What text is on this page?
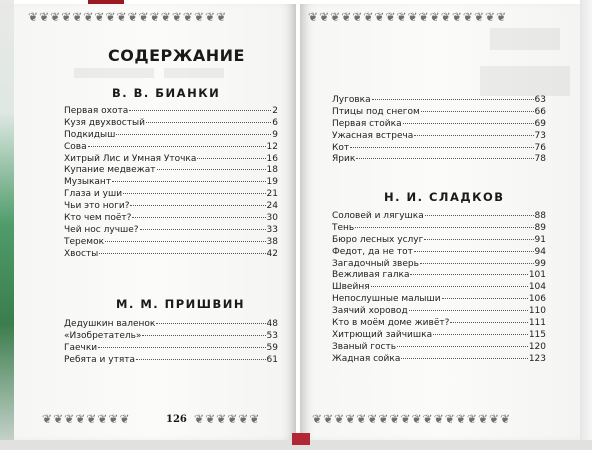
❦❦❦❦❦❦❦❦❦❦❦❦❦❦❦❦❦❦	❦❦❦❦❦❦❦❦❦❦❦❦❦❦❦❦❦❦
❦❦❦❦❦❦❦❦	❦❦❦❦❦❦	❦❦❦❦❦❦❦❦❦❦❦❦❦❦❦❦❦❦
СОДЕРЖАНИЕ
В. В. БИАНКИ
Первая охота	2
Кузя двухвостый	6
Подкидыш	9
Сова	12
Хитрый Лис и Умная Уточка	16
Купание медвежат	18
Музыкант	19
Глаза и уши	21
Чьи это ноги?	24
Кто чем поёт?	30
Чей нос лучше?	33
Теремок	38
Хвосты	42
М. М. ПРИШВИН
Дедушкин валенок	48
«Изобретатель»	53
Гаечки	59
Ребята и утята	61
126
Луговка	63
Птицы под снегом	66
Первая стойка	69
Ужасная встреча	73
Кот	76
Ярик	78
Н. И. СЛАДКОВ
Соловей и лягушка	88
Тень	89
Бюро лесных услуг	91
Федот, да не тот	94
Загадочный зверь	99
Вежливая галка	101
Швейня	104
Непослушные малыши	106
Заячий хоровод	110
Кто в моём доме живёт?	111
Хитрющий зайчишка	115
Званый гость	120
Жадная сойка	123
